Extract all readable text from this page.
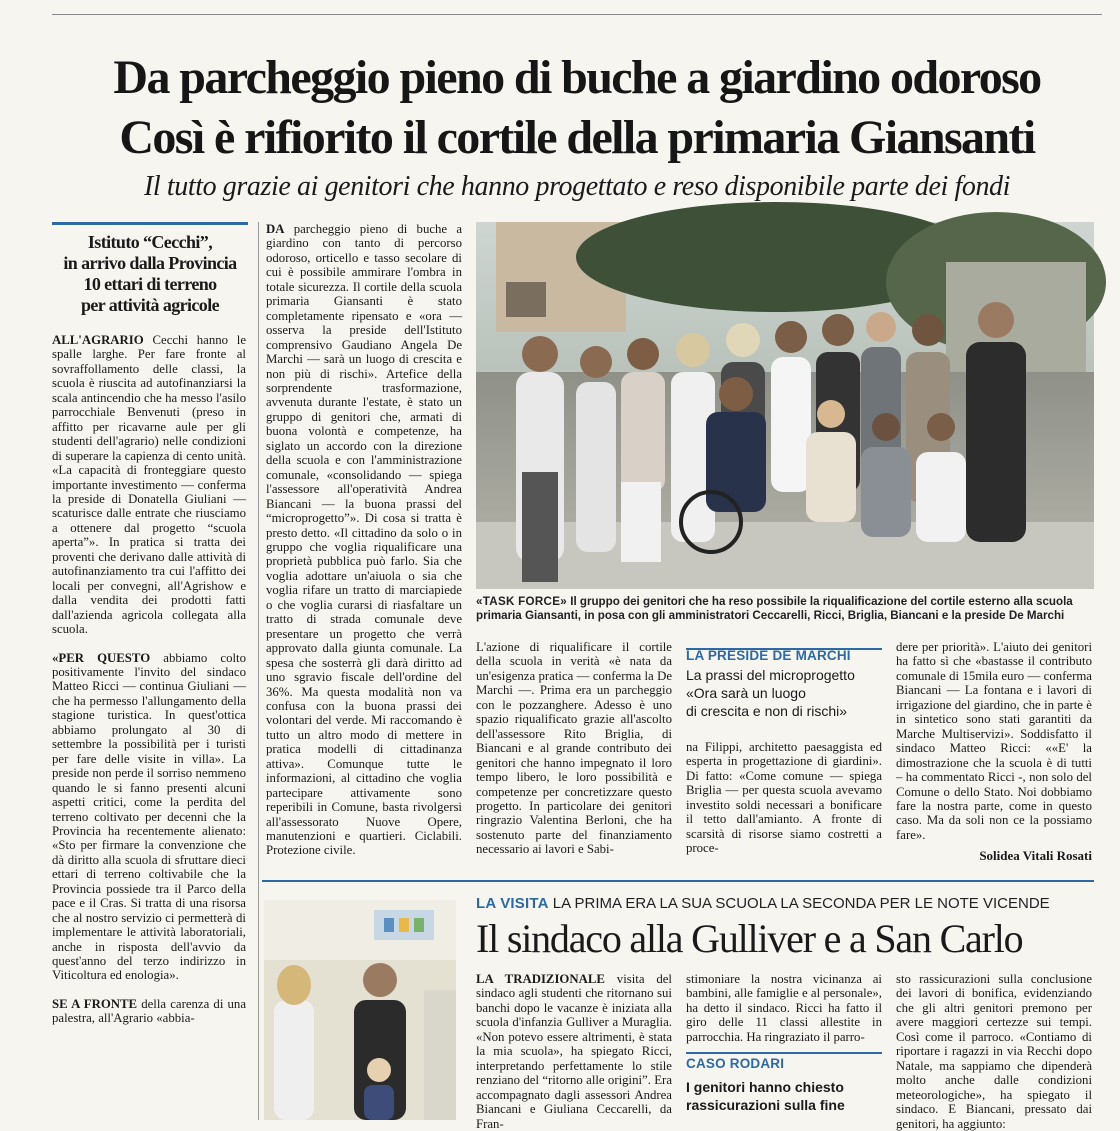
Da parcheggio pieno di buche a giardino odoroso
Così è rifiorito il cortile della primaria Giansanti
Il tutto grazie ai genitori che hanno progettato e reso disponibile parte dei fondi
Istituto “Cecchi”,
in arrivo dalla Provincia
10 ettari di terreno
per attività agricole

ALL'AGRARIO Cecchi hanno le spalle larghe. Per fare fronte al sovraffollamento delle classi, la scuola è riuscita ad autofinanziarsi la scala antincendio che ha messo l'asilo parrocchiale Benvenuti (preso in affitto per ricavarne aule per gli studenti dell'agrario) nelle condizioni di superare la capienza di cento unità. «La capacità di fronteggiare questo importante investimento — conferma la preside di Donatella Giuliani — scaturisce dalle entrate che riusciamo a ottenere dal progetto “scuola aperta”». In pratica si tratta dei proventi che derivano dalle attività di autofinanziamento tra cui l'affitto dei locali per convegni, all'Agrishow e dalla vendita dei prodotti fatti dall'azienda agricola collegata alla scuola.

«PER QUESTO abbiamo colto positivamente l'invito del sindaco Matteo Ricci — continua Giuliani — che ha permesso l'allungamento della stagione turistica. In quest'ottica abbiamo prolungato al 30 di settembre la possibilità per i turisti per fare delle visite in villa». La preside non perde il sorriso nemmeno quando le si fanno presenti alcuni aspetti critici, come la perdita del terreno coltivato per decenni che la Provincia ha recentemente alienato: «Sto per firmare la convenzione che dà diritto alla scuola di sfruttare dieci ettari di terreno coltivabile che la Provincia possiede tra il Parco della pace e il Cras. Si tratta di una risorsa che al nostro servizio ci permetterà di implementare le attività laboratoriali, anche in risposta dell'avvio da quest'anno del terzo indirizzo in Viticoltura ed enologia».

SE A FRONTE della carenza di una palestra, all'Agrario «abbia-

DA parcheggio pieno di buche a giardino con tanto di percorso odoroso, orticello e tasso secolare di cui è possibile ammirare l'ombra in totale sicurezza. Il cortile della scuola primaria Giansanti è stato completamente ripensato e «ora — osserva la preside dell'Istituto comprensivo Gaudiano Angela De Marchi — sarà un luogo di crescita e non più di rischi». Artefice della sorprendente trasformazione, avvenuta durante l'estate, è stato un gruppo di genitori che, armati di buona volontà e competenze, ha siglato un accordo con la direzione della scuola e con l'amministrazione comunale, «consolidando — spiega l'assessore all'operatività Andrea Biancani — la buona prassi del “microprogetto”». Di cosa si tratta è presto detto. «Il cittadino da solo o in gruppo che voglia riqualificare una proprietà pubblica può farlo. Sia che voglia adottare un'aiuola o sia che voglia rifare un tratto di marciapiede o che voglia curarsi di riasfaltare un tratto di strada comunale deve presentare un progetto che verrà approvato dalla giunta comunale. La spesa che sosterrà gli darà diritto ad uno sgravio fiscale dell'ordine del 36%. Ma questa modalità non va confusa con la buona prassi dei volontari del verde. Mi raccomando è tutto un altro modo di mettere in pratica modelli di cittadinanza attiva». Comunque tutte le informazioni, al cittadino che voglia partecipare attivamente sono reperibili in Comune, basta rivolgersi all'assessorato Nuove Opere, manutenzioni e quartieri. Ciclabili. Protezione civile.
«TASK FORCE» Il gruppo dei genitori che ha reso possibile la riqualificazione del cortile esterno alla scuola primaria Giansanti, in posa con gli amministratori Ceccarelli, Ricci, Briglia, Biancani e la preside De Marchi
L'azione di riqualificare il cortile della scuola in verità «è nata da un'esigenza pratica — conferma la De Marchi —. Prima era un parcheggio con le pozzanghere. Adesso è uno spazio riqualificato grazie all'ascolto dell'assessore Rito Briglia, di Biancani e al grande contributo dei genitori che hanno impegnato il loro tempo libero, le loro possibilità e competenze per concretizzare questo progetto. In particolare dei genitori ringrazio Valentina Berloni, che ha sostenuto parte del finanziamento necessario ai lavori e Sabi-
LA PRESIDE DE MARCHI
La prassi del microprogetto
«Ora sarà un luogo
di crescita e non di rischi»
na Filippi, architetto paesaggista ed esperta in progettazione di giardini». Di fatto: «Come comune — spiega Briglia — per questa scuola avevamo investito soldi necessari a bonificare il tetto dall'amianto. A fronte di scarsità di risorse siamo costretti a proce-
dere per priorità». L'aiuto dei genitori ha fatto sì che «bastasse il contributo comunale di 15mila euro — conferma Biancani — La fontana e i lavori di irrigazione del giardino, che in parte è in sintetico sono stati garantiti da Marche Multiservizi». Soddisfatto il sindaco Matteo Ricci: ««E' la dimostrazione che la scuola è di tutti – ha commentato Ricci -, non solo del Comune o dello Stato. Noi dobbiamo fare la nostra parte, come in questo caso. Ma da soli non ce la possiamo fare».
Solidea Vitali Rosati
LA VISITA LA PRIMA ERA LA SUA SCUOLA LA SECONDA PER LE NOTE VICENDE
Il sindaco alla Gulliver e a San Carlo
LA TRADIZIONALE visita del sindaco agli studenti che ritornano sui banchi dopo le vacanze è iniziata alla scuola d'infanzia Gulliver a Muraglia. «Non potevo essere altrimenti, è stata la mia scuola», ha spiegato Ricci, interpretando perfettamente lo stile renziano del “ritorno alle origini”. Era accompagnato dagli assessori Andrea Biancani e Giuliana Ceccarelli, da Fran-
stimoniare la nostra vicinanza ai bambini, alle famiglie e al personale», ha detto il sindaco. Ricci ha fatto il giro delle 11 classi allestite in parrocchia. Ha ringraziato il parro-
CASO RODARI
I genitori hanno chiesto
rassicurazioni sulla fine
sto rassicurazioni sulla conclusione dei lavori di bonifica, evidenziando che gli altri genitori premono per avere maggiori certezze sui tempi. Così come il parroco. «Contiamo di riportare i ragazzi in via Recchi dopo Natale, ma sappiamo che dipenderà molto anche dalle condizioni meteorologiche», ha spiegato il sindaco. E Biancani, pressato dai genitori, ha aggiunto:
